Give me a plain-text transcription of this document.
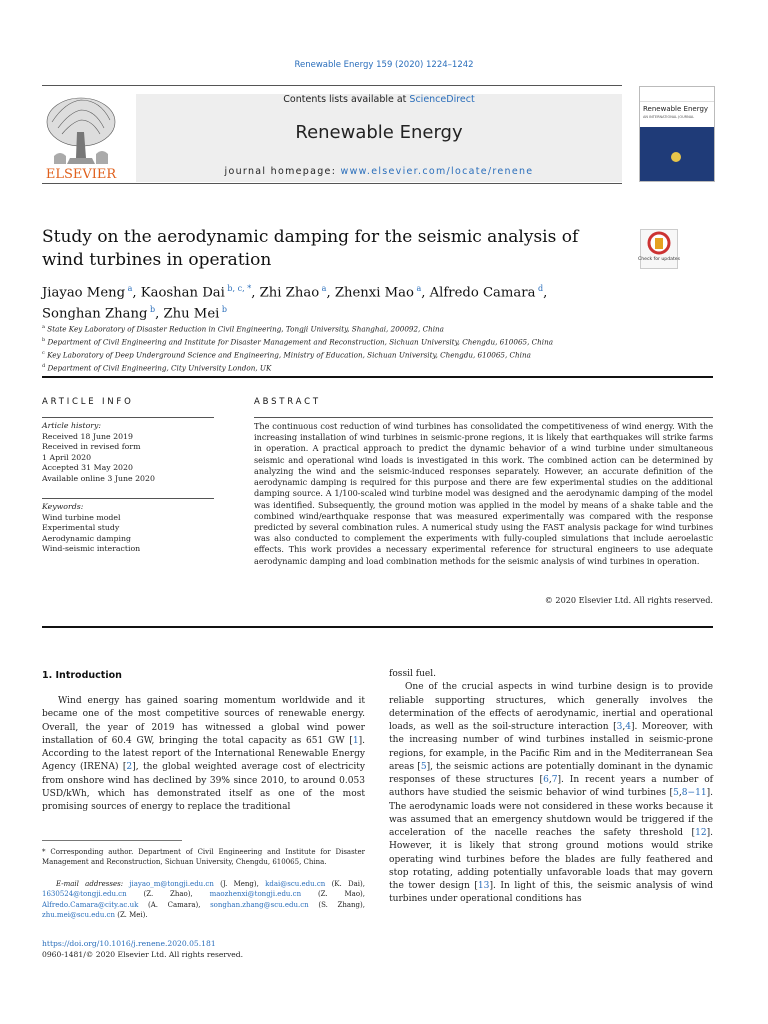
Renewable Energy 159 (2020) 1224–1242
Contents lists available at ScienceDirect
Renewable Energy
journal homepage: www.elsevier.com/locate/renene
ELSEVIER
Renewable Energy
AN INTERNATIONAL JOURNAL
Study on the aerodynamic damping for the seismic analysis of wind turbines in operation	Check for updates
Jiayao Meng $^a$, Kaoshan Dai $^{b, c, *}$, Zhi Zhao $^a$, Zhenxi Mao $^a$, Alfredo Camara $^d$,
Songhan Zhang $^b$, Zhu Mei $^b$
$^a$ State Key Laboratory of Disaster Reduction in Civil Engineering, Tongji University, Shanghai, 200092, China
$^b$ Department of Civil Engineering and Institute for Disaster Management and Reconstruction, Sichuan University, Chengdu, 610065, China
$^c$ Key Laboratory of Deep Underground Science and Engineering, Ministry of Education, Sichuan University, Chengdu, 610065, China
$^d$ Department of Civil Engineering, City University London, UK
ARTICLE INFO
Article history:
Received 18 June 2019
Received in revised form
1 April 2020
Accepted 31 May 2020
Available online 3 June 2020
Keywords:
Wind turbine model
Experimental study
Aerodynamic damping
Wind-seismic interaction
ABSTRACT
The continuous cost reduction of wind turbines has consolidated the competitiveness of wind energy. With the increasing installation of wind turbines in seismic-prone regions, it is likely that earthquakes will strike farms in operation. A practical approach to predict the dynamic behavior of a wind turbine under simultaneous seismic and operational wind loads is investigated in this work. The combined action can be determined by analyzing the wind and the seismic-induced responses separately. However, an accurate definition of the aerodynamic damping is required for this purpose and there are few experimental studies on the additional damping source. A 1/100-scaled wind turbine model was designed and the aerodynamic damping of the model was identified. Subsequently, the ground motion was applied in the model by means of a shake table and the combined wind/earthquake response that was measured experimentally was compared with the response predicted by several combination rules. A numerical study using the FAST analysis package for wind turbines was also conducted to complement the experiments with fully-coupled simulations that include aeroelastic effects. This work provides a necessary experimental reference for structural engineers to use adequate aerodynamic damping and load combination methods for the seismic analysis of wind turbines in operation.
© 2020 Elsevier Ltd. All rights reserved.
1. Introduction

Wind energy has gained soaring momentum worldwide and it became one of the most competitive sources of renewable energy. Overall, the year of 2019 has witnessed a global wind power installation of 60.4 GW, bringing the total capacity as 651 GW [1]. According to the latest report of the International Renewable Energy Agency (IRENA) [2], the global weighted average cost of electricity from onshore wind has declined by 39% since 2010, to around 0.053 USD/kWh, which has demonstrated itself as one of the most promising sources of energy to replace the traditional

fossil fuel.

One of the crucial aspects in wind turbine design is to provide reliable supporting structures, which generally involves the determination of the effects of aerodynamic, inertial and operational loads, as well as the soil-structure interaction [3,4]. Moreover, with the increasing number of wind turbines installed in seismic-prone regions, for example, in the Pacific Rim and in the Mediterranean Sea areas [5], the seismic actions are potentially dominant in the dynamic responses of these structures [6,7]. In recent years a number of authors have studied the seismic behavior of wind turbines [5,8−11]. The aerodynamic loads were not considered in these works because it was assumed that an emergency shutdown would be triggered if the acceleration of the nacelle reaches the safety threshold [12]. However, it is likely that strong ground motions would strike operating wind turbines before the blades are fully feathered and stop rotating, adding potentially unfavorable loads that may govern the tower design [13]. In light of this, the seismic analysis of wind turbines under operational conditions has

* Corresponding author. Department of Civil Engineering and Institute for Disaster Management and Reconstruction, Sichuan University, Chengdu, 610065, China.
E-mail addresses: jiayao_m@tongji.edu.cn (J. Meng), kdai@scu.edu.cn (K. Dai), 1630524@tongji.edu.cn (Z. Zhao), maozhenxi@tongji.edu.cn (Z. Mao), Alfredo.Camara@city.ac.uk (A. Camara), songhan.zhang@scu.edu.cn (S. Zhang), zhu.mei@scu.edu.cn (Z. Mei).
https://doi.org/10.1016/j.renene.2020.05.181
0960-1481/© 2020 Elsevier Ltd. All rights reserved.
